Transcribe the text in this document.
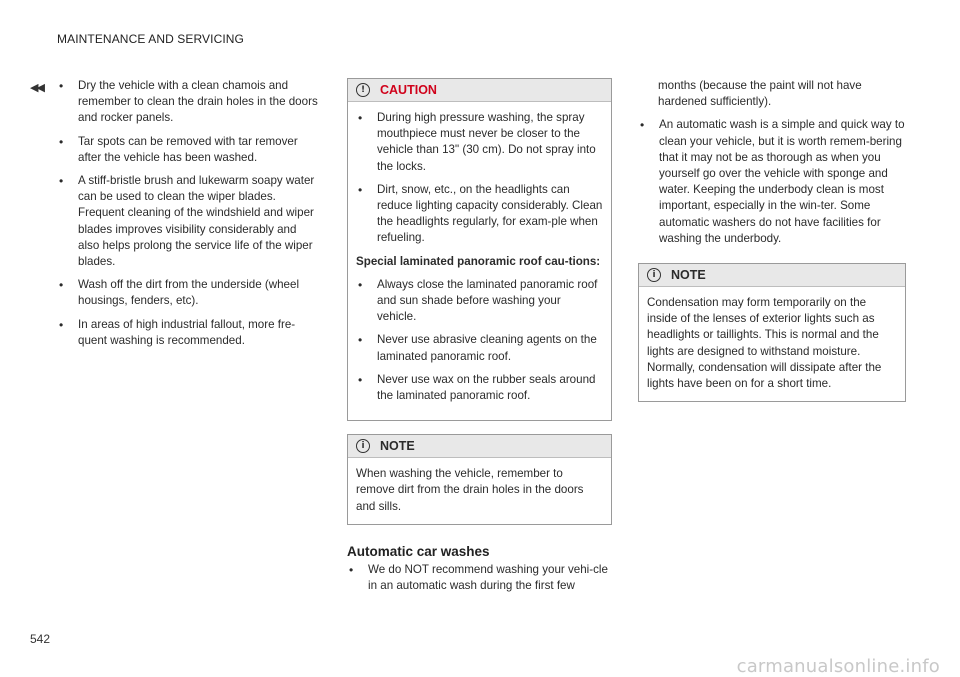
MAINTENANCE AND SERVICING
◀◀
•	Dry the vehicle with a clean chamois and remember to clean the drain holes in the doors and rocker panels.
• Tar spots can be removed with tar remover after the vehicle has been washed.
• A stiff-bristle brush and lukewarm soapy water can be used to clean the wiper blades. Frequent cleaning of the windshield and wiper blades improves visibility considerably and also helps prolong the service life of the wiper blades.
• Wash off the dirt from the underside (wheel housings, fenders, etc).
• In areas of high industrial fallout, more fre-quent washing is recommended.
!	CAUTION
• During high pressure washing, the spray mouthpiece must never be closer to the vehicle than 13" (30 cm). Do not spray into the locks.
• Dirt, snow, etc., on the headlights can reduce lighting capacity considerably. Clean the headlights regularly, for exam-ple when refueling.

Special laminated panoramic roof cau-tions:

• Always close the laminated panoramic roof and sun shade before washing your vehicle.
• Never use abrasive cleaning agents on the laminated panoramic roof.
• Never use wax on the rubber seals around the laminated panoramic roof.
i	NOTE

When washing the vehicle, remember to remove dirt from the drain holes in the doors and sills.

Automatic car washes
• We do NOT recommend washing your vehi-cle in an automatic wash during the first few

months (because the paint will not have hardened sufficiently).

• An automatic wash is a simple and quick way to clean your vehicle, but it is worth remem-bering that it may not be as thorough as when you yourself go over the vehicle with sponge and water. Keeping the underbody clean is most important, especially in the win-ter. Some automatic washers do not have facilities for washing the underbody.
i	NOTE

Condensation may form temporarily on the inside of the lenses of exterior lights such as headlights or taillights. This is normal and the lights are designed to withstand moisture. Normally, condensation will dissipate after the lights have been on for a short time.

542
carmanualsonline.info
